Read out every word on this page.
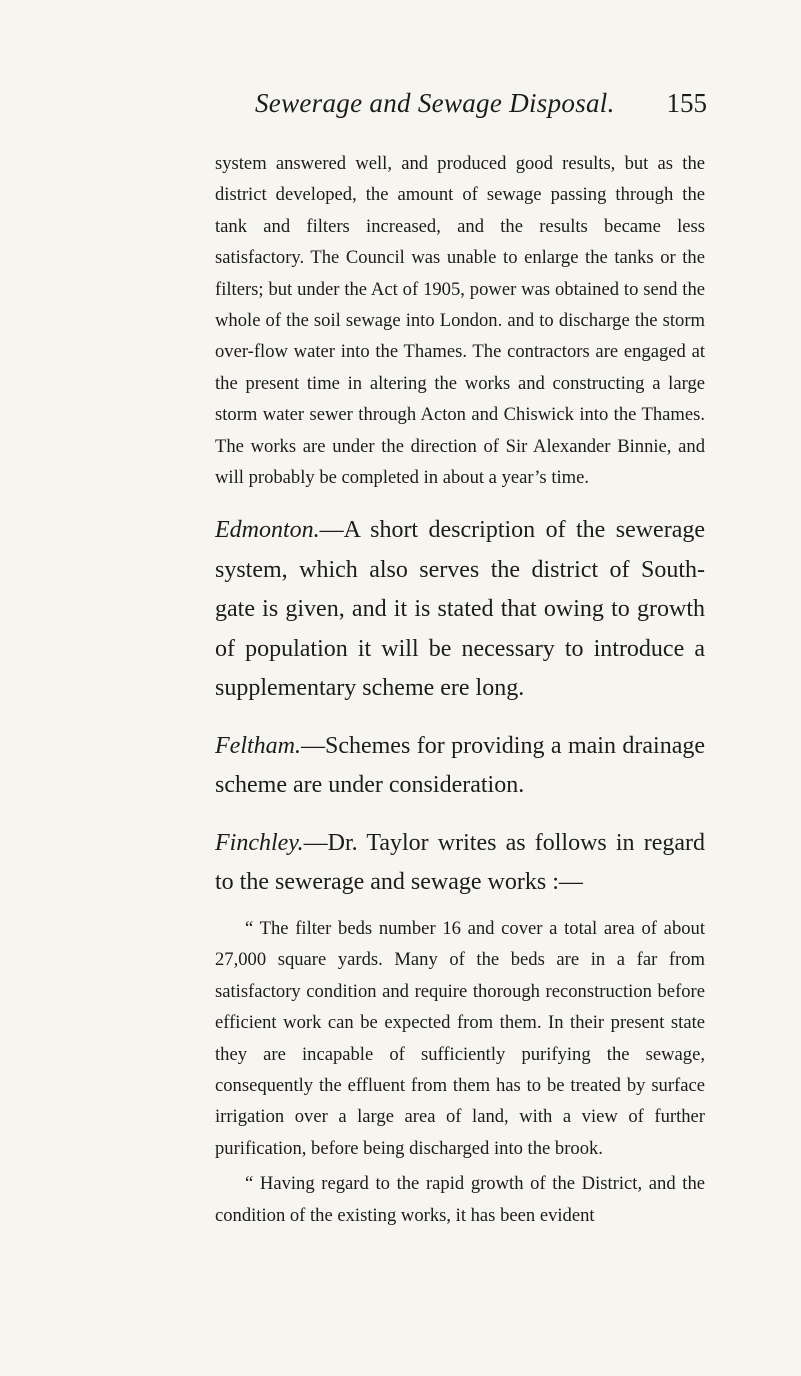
Sewerage and Sewage Disposal. 155

system answered well, and produced good results, but as the district developed, the amount of sewage passing through the tank and filters increased, and the results became less satisfactory. The Council was unable to enlarge the tanks or the filters; but under the Act of 1905, power was obtained to send the whole of the soil sewage into London. and to discharge the storm over-flow water into the Thames. The contractors are engaged at the present time in altering the works and constructing a large storm water sewer through Acton and Chiswick into the Thames. The works are under the direction of Sir Alexander Binnie, and will probably be completed in about a year’s time.

Edmonton.—A short description of the sewerage system, which also serves the district of South-gate is given, and it is stated that owing to growth of population it will be necessary to introduce a supplementary scheme ere long.

Feltham.—Schemes for providing a main drainage scheme are under consideration.

Finchley.—Dr. Taylor writes as follows in regard to the sewerage and sewage works :—

“ The filter beds number 16 and cover a total area of about 27,000 square yards. Many of the beds are in a far from satisfactory condition and require thorough reconstruction before efficient work can be expected from them. In their present state they are incapable of sufficiently purifying the sewage, consequently the effluent from them has to be treated by surface irrigation over a large area of land, with a view of further purification, before being discharged into the brook.

“ Having regard to the rapid growth of the District, and the condition of the existing works, it has been evident
